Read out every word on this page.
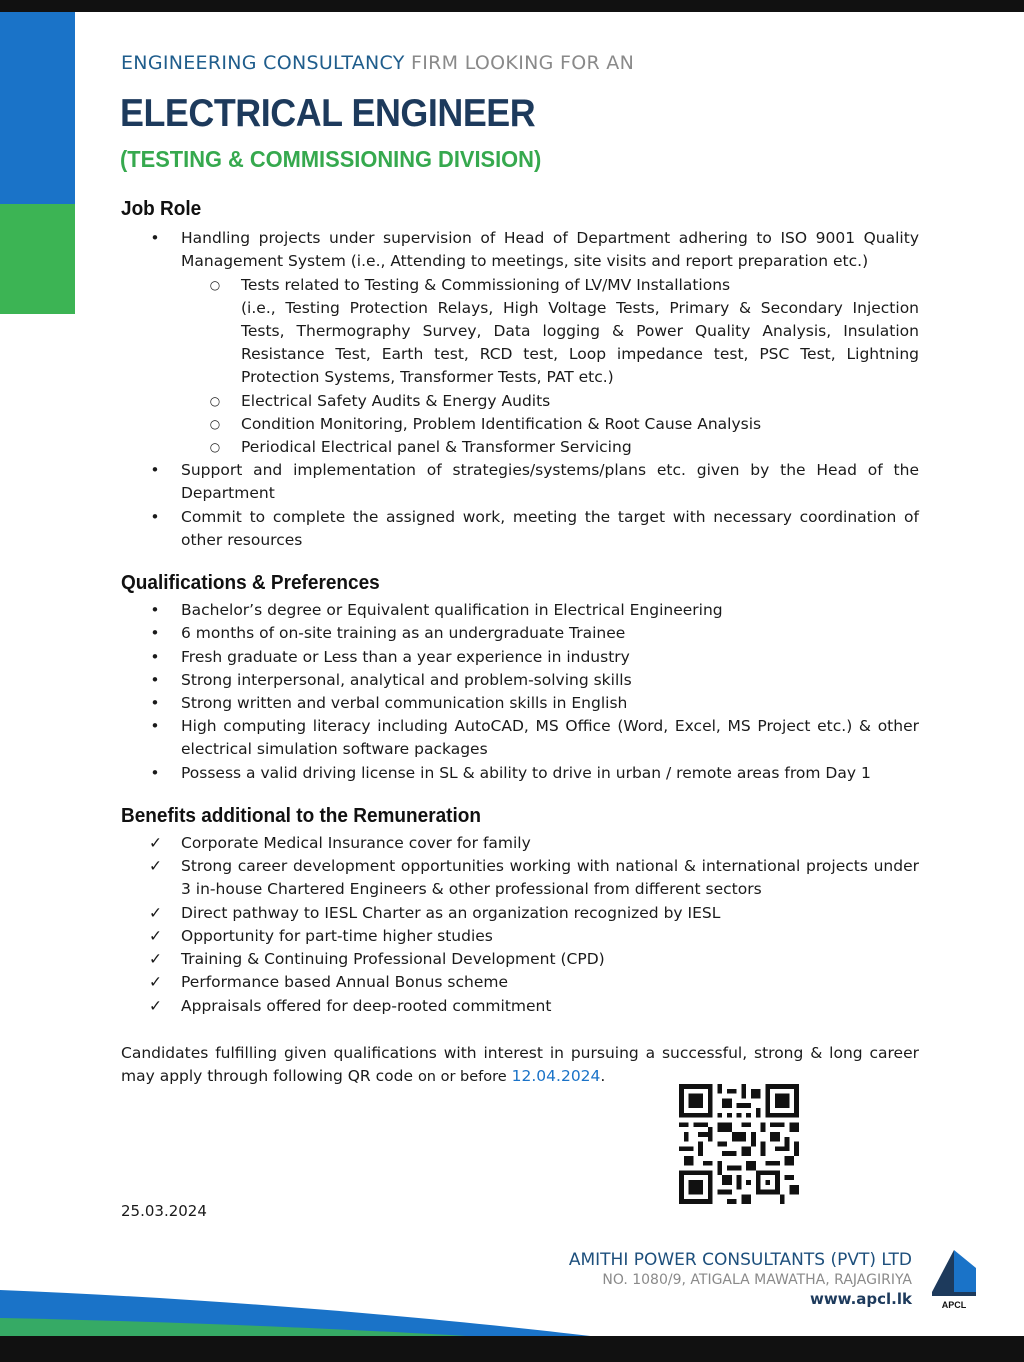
ENGINEERING CONSULTANCY FIRM LOOKING FOR AN
ELECTRICAL ENGINEER
(TESTING & COMMISSIONING DIVISION)
Job Role
• Handling projects under supervision of Head of Department adhering to ISO 9001 Quality Management System (i.e., Attending to meetings, site visits and report preparation etc.)
○ Tests related to Testing & Commissioning of LV/MV Installations
(i.e., Testing Protection Relays, High Voltage Tests, Primary & Secondary Injection Tests, Thermography Survey, Data logging & Power Quality Analysis, Insulation Resistance Test, Earth test, RCD test, Loop impedance test, PSC Test, Lightning Protection Systems, Transformer Tests, PAT etc.)
○ Electrical Safety Audits & Energy Audits
○ Condition Monitoring, Problem Identification & Root Cause Analysis
○ Periodical Electrical panel & Transformer Servicing
• Support and implementation of strategies/systems/plans etc. given by the Head of the Department
• Commit to complete the assigned work, meeting the target with necessary coordination of other resources
Qualifications & Preferences
• Bachelor’s degree or Equivalent qualification in Electrical Engineering
• 6 months of on-site training as an undergraduate Trainee
• Fresh graduate or Less than a year experience in industry
• Strong interpersonal, analytical and problem-solving skills
• Strong written and verbal communication skills in English
• High computing literacy including AutoCAD, MS Office (Word, Excel, MS Project etc.) & other electrical simulation software packages
• Possess a valid driving license in SL & ability to drive in urban / remote areas from Day 1
Benefits additional to the Remuneration
✓ Corporate Medical Insurance cover for family
✓ Strong career development opportunities working with national & international projects under 3 in-house Chartered Engineers & other professional from different sectors
✓ Direct pathway to IESL Charter as an organization recognized by IESL
✓ Opportunity for part-time higher studies
✓ Training & Continuing Professional Development (CPD)
✓ Performance based Annual Bonus scheme
✓ Appraisals offered for deep-rooted commitment

Candidates fulfilling given qualifications with interest in pursuing a successful, strong & long career may apply through following QR code on or before 12.04.2024.

25.03.2024
AMITHI POWER CONSULTANTS (PVT) LTD
NO. 1080/9, ATIGALA MAWATHA, RAJAGIRIYA
www.apcl.lk	APCL
